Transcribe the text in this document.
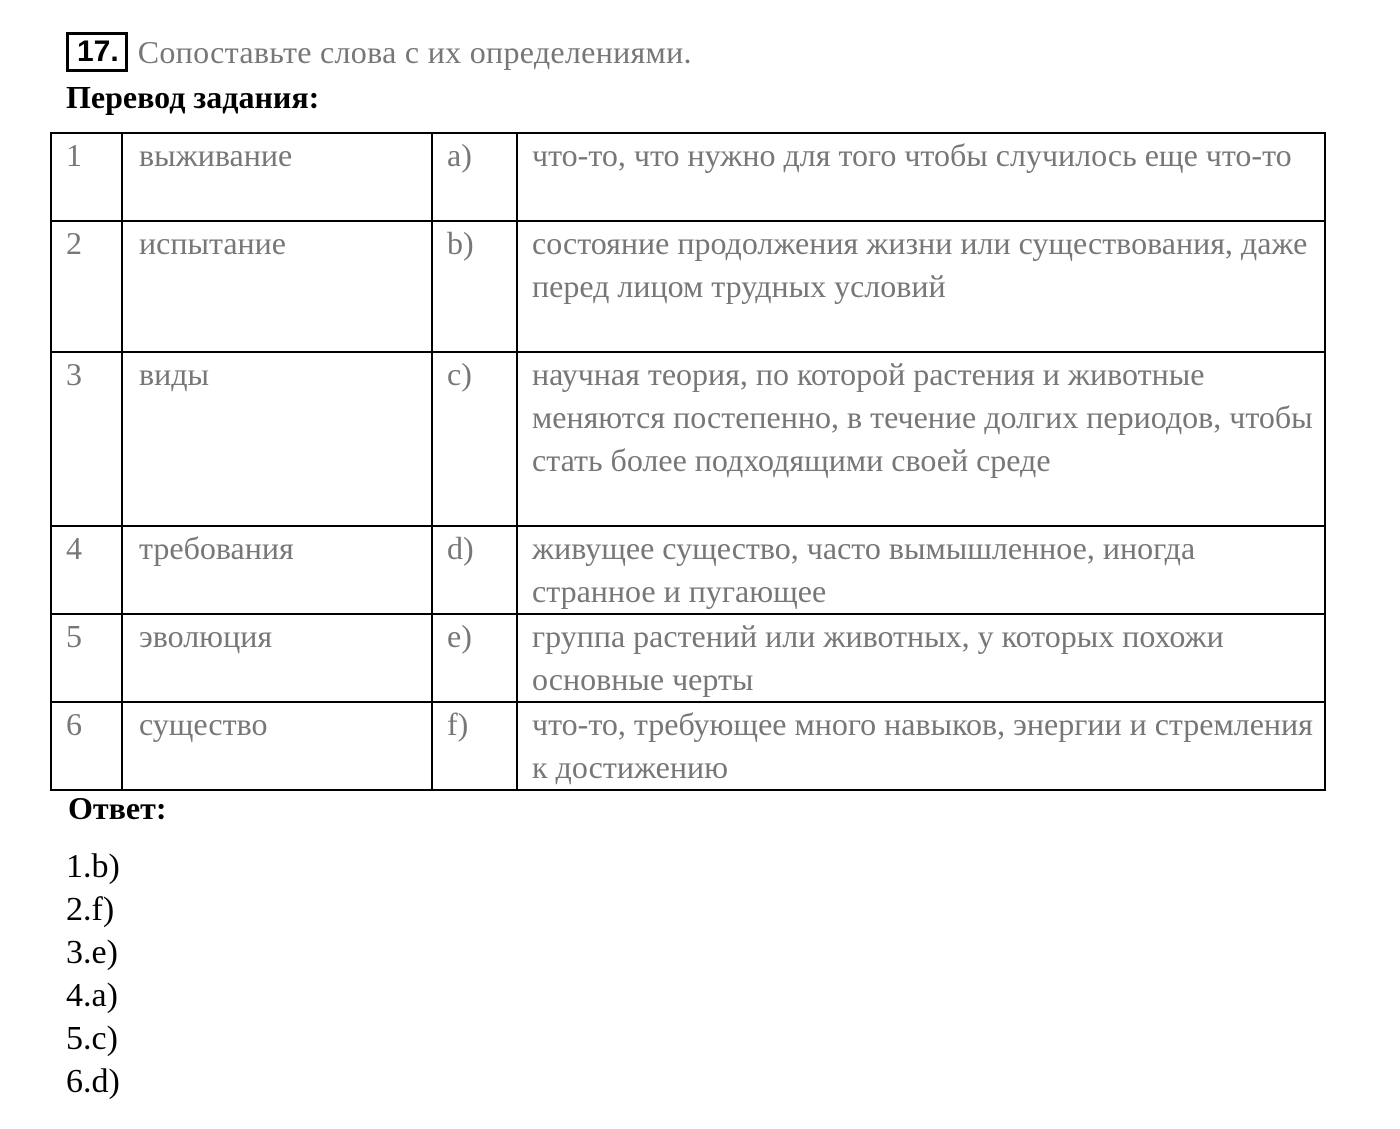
17. Сопоставьте слова с их определениями.
Перевод задания:
1	выживание	a)	что-то, что нужно для того чтобы случилось еще что-то
2	испытание	b)	состояние продолжения жизни или существования, даже перед лицом трудных условий
3	виды	c)	научная теория, по которой растения и животные меняются постепенно, в течение долгих периодов, чтобы стать более подходящими своей среде
4	требования	d)	живущее существо, часто вымышленное, иногда странное и пугающее
5	эволюция	e)	группа растений или животных, у которых похожи основные черты
6	существо	f)	что-то, требующее много навыков, энергии и стремления к достижению
Ответ:
1.b)
2.f)
3.e)
4.a)
5.c)
6.d)
